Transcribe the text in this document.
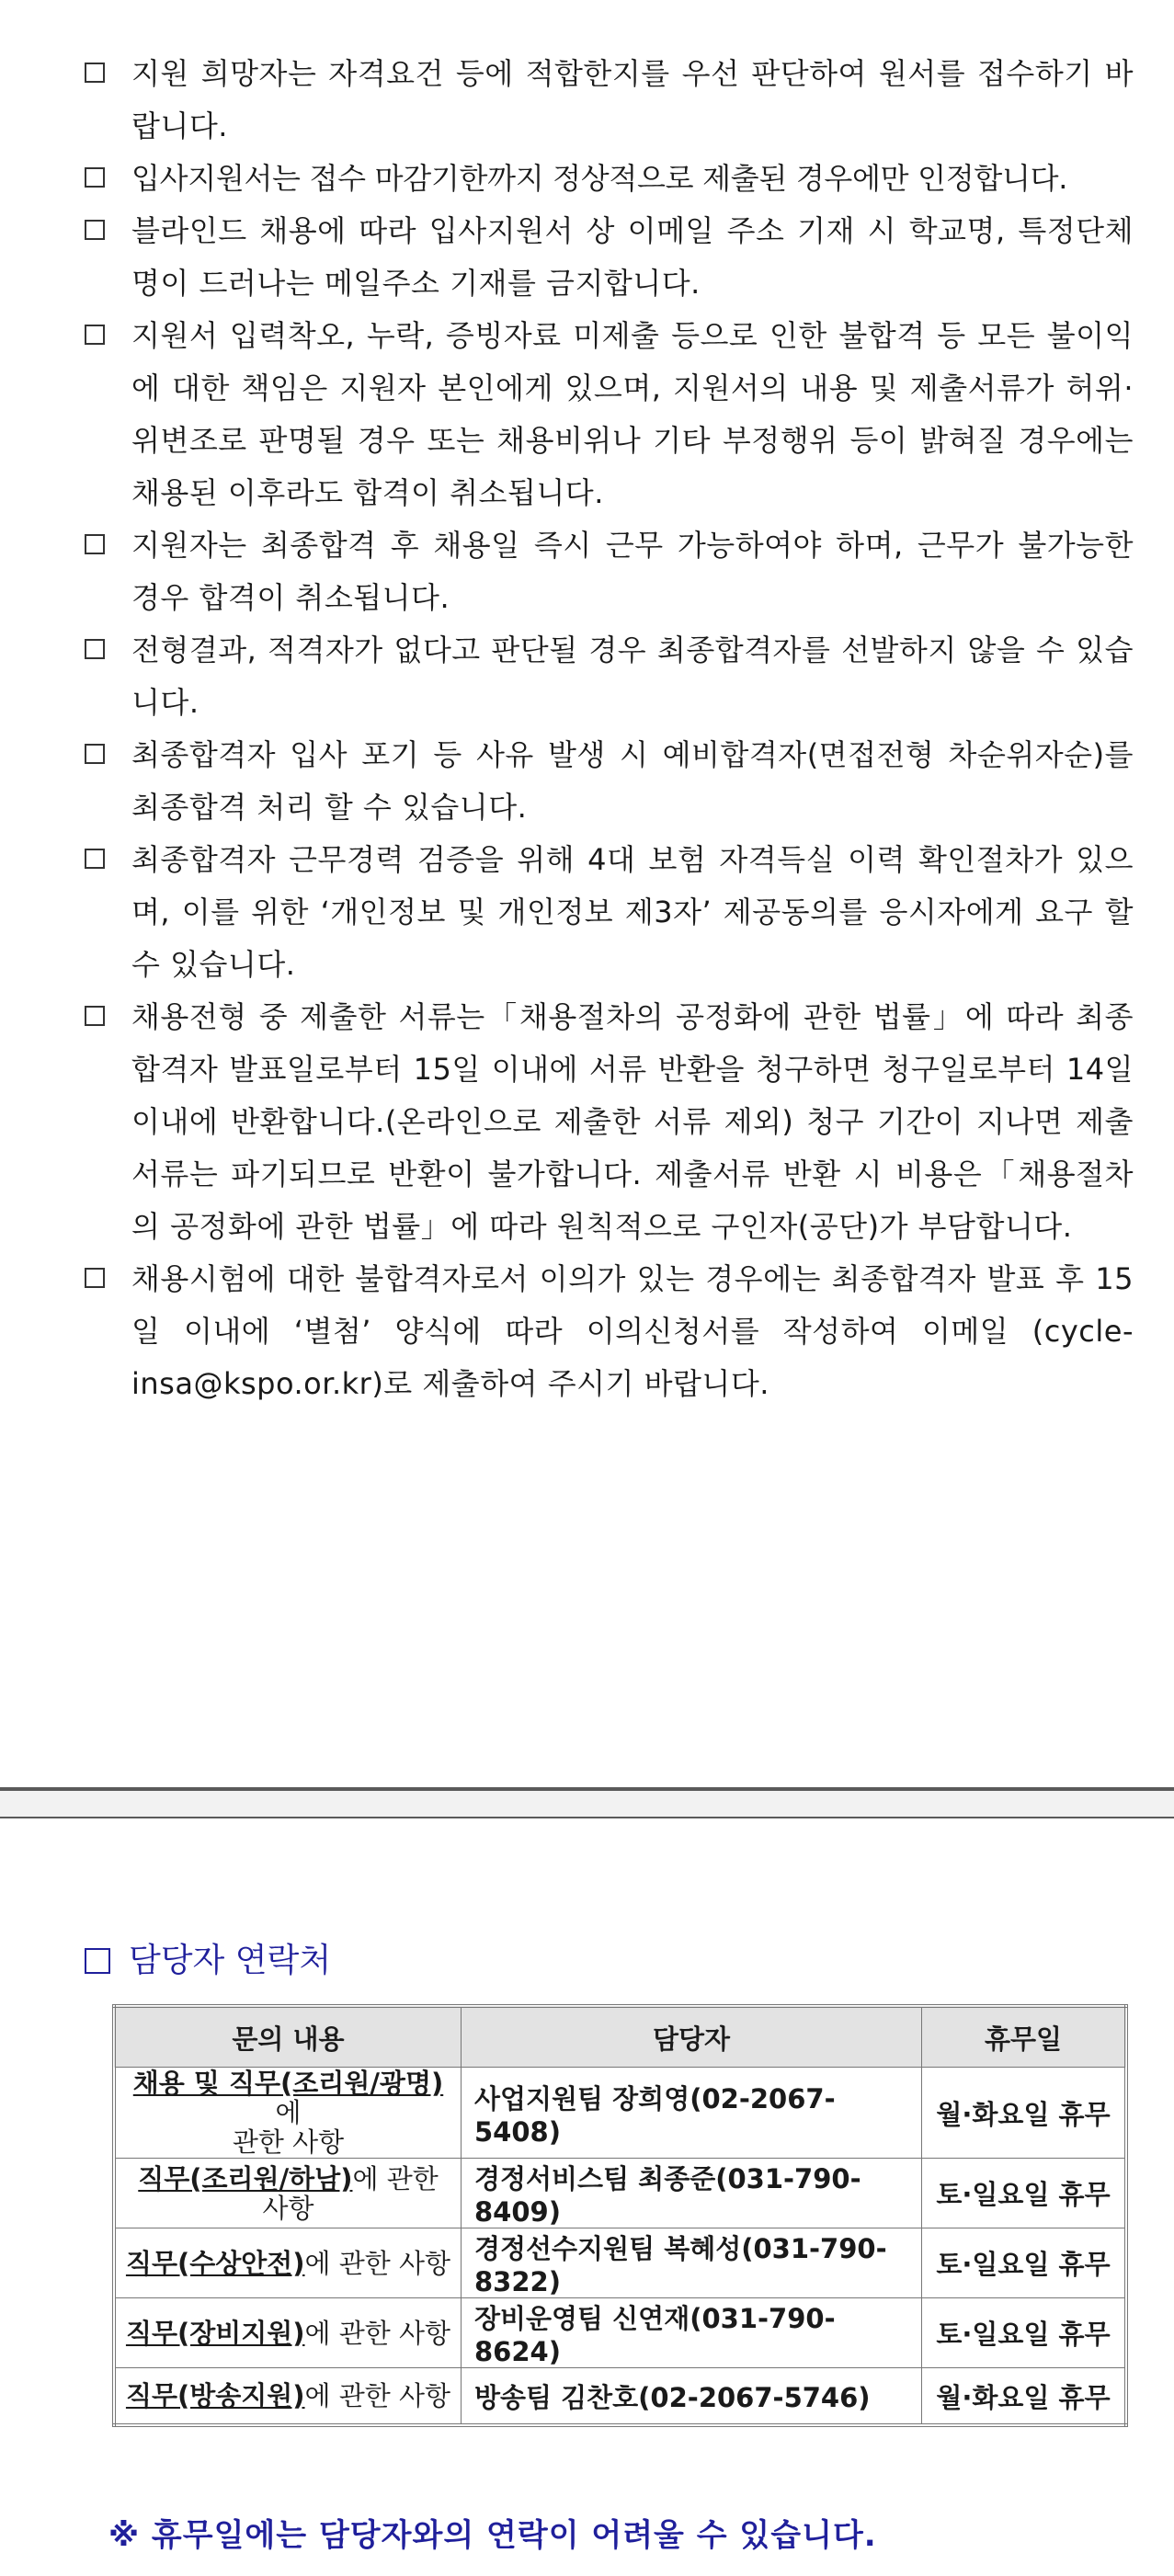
지원 희망자는 자격요건 등에 적합한지를 우선 판단하여 원서를 접수하기 바랍니다.
입사지원서는 접수 마감기한까지 정상적으로 제출된 경우에만 인정합니다.
블라인드 채용에 따라 입사지원서 상 이메일 주소 기재 시 학교명, 특정단체명이 드러나는 메일주소 기재를 금지합니다.
지원서 입력착오, 누락, 증빙자료 미제출 등으로 인한 불합격 등 모든 불이익에 대한 책임은 지원자 본인에게 있으며, 지원서의 내용 및 제출서류가 허위·위변조로 판명될 경우 또는 채용비위나 기타 부정행위 등이 밝혀질 경우에는 채용된 이후라도 합격이 취소됩니다.
지원자는 최종합격 후 채용일 즉시 근무 가능하여야 하며, 근무가 불가능한 경우 합격이 취소됩니다.
전형결과, 적격자가 없다고 판단될 경우 최종합격자를 선발하지 않을 수 있습니다.
최종합격자 입사 포기 등 사유 발생 시 예비합격자(면접전형 차순위자순)를 최종합격 처리 할 수 있습니다.
최종합격자 근무경력 검증을 위해 4대 보험 자격득실 이력 확인절차가 있으며, 이를 위한 ‘개인정보 및 개인정보 제3자’ 제공동의를 응시자에게 요구 할 수 있습니다.
채용전형 중 제출한 서류는「채용절차의 공정화에 관한 법률」에 따라 최종합격자 발표일로부터 15일 이내에 서류 반환을 청구하면 청구일로부터 14일 이내에 반환합니다.(온라인으로 제출한 서류 제외) 청구 기간이 지나면 제출서류는 파기되므로 반환이 불가합니다. 제출서류 반환 시 비용은「채용절차의 공정화에 관한 법률」에 따라 원칙적으로 구인자(공단)가 부담합니다.
채용시험에 대한 불합격자로서 이의가 있는 경우에는 최종합격자 발표 후 15일 이내에 ‘별첨’ 양식에 따라 이의신청서를 작성하여 이메일 (cycle-insa@kspo.or.kr)로 제출하여 주시기 바랍니다.
담당자 연락처
문의 내용	담당자	휴무일
채용 및 직무(조리원/광명)에
관한 사항	사업지원팀 장희영(02-2067-5408)	월·화요일 휴무
직무(조리원/하남)에 관한 사항	경정서비스팀 최종준(031-790-8409)	토·일요일 휴무
직무(수상안전)에 관한 사항	경정선수지원팀 복혜성(031-790-8322)	토·일요일 휴무
직무(장비지원)에 관한 사항	장비운영팀 신연재(031-790-8624)	토·일요일 휴무
직무(방송지원)에 관한 사항	방송팀 김찬호(02-2067-5746)	월·화요일 휴무
※ 휴무일에는 담당자와의 연락이 어려울 수 있습니다.
